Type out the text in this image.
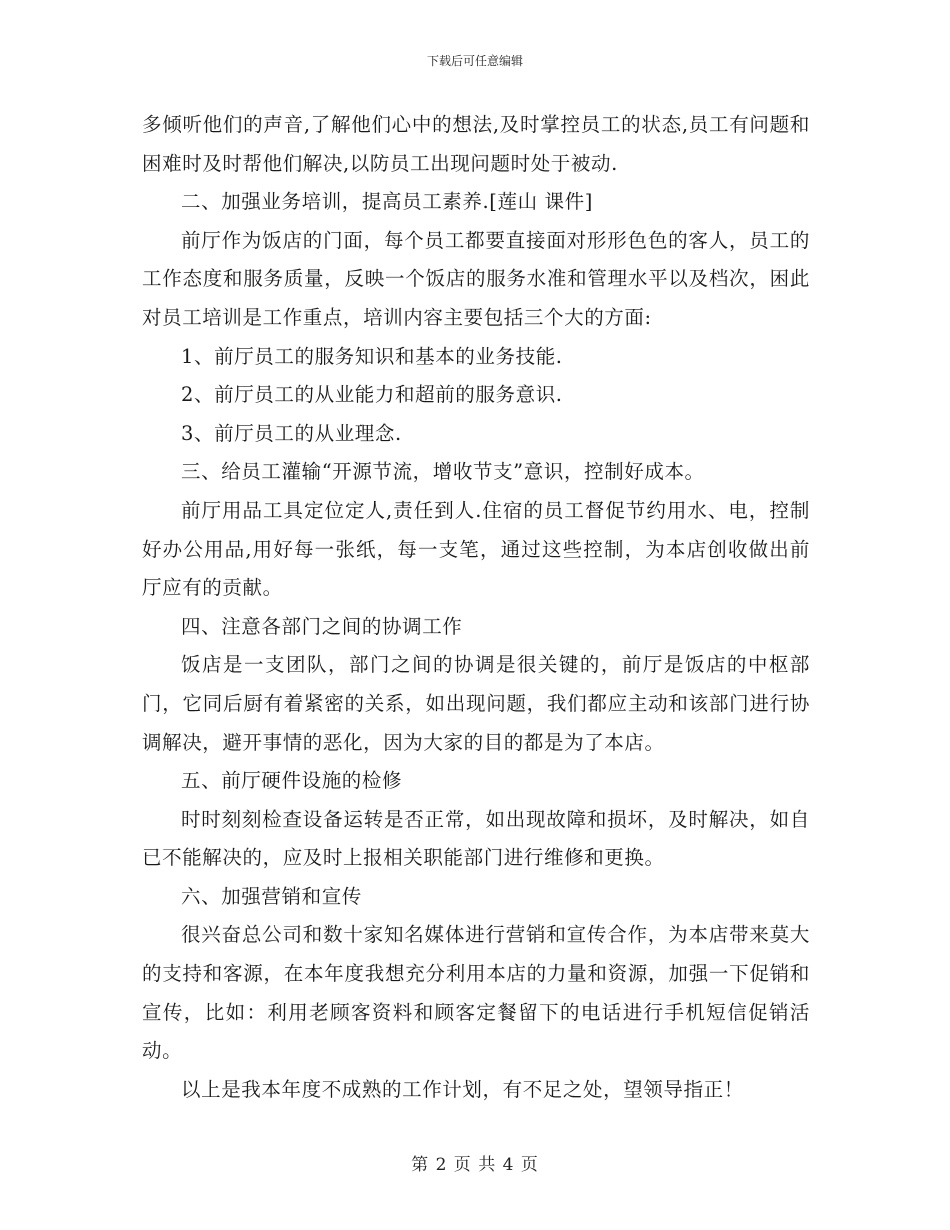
下载后可任意编辑

多倾听他们的声音,了解他们心中的想法,及时掌控员工的状态,员工有问题和困难时及时帮他们解决,以防员工出现问题时处于被动.

二、加强业务培训，提高员工素养.[莲山 课件]

前厅作为饭店的门面，每个员工都要直接面对形形色色的客人，员工的工作态度和服务质量，反映一个饭店的服务水准和管理水平以及档次，困此对员工培训是工作重点，培训内容主要包括三个大的方面:

1、前厅员工的服务知识和基本的业务技能.

2、前厅员工的从业能力和超前的服务意识.

3、前厅员工的从业理念.

三、给员工灌输“开源节流，增收节支”意识，控制好成本。

前厅用品工具定位定人,责任到人.住宿的员工督促节约用水、电，控制好办公用品,用好每一张纸，每一支笔，通过这些控制，为本店创收做出前厅应有的贡献。

四、注意各部门之间的协调工作

饭店是一支团队，部门之间的协调是很关键的，前厅是饭店的中枢部门，它同后厨有着紧密的关系，如出现问题，我们都应主动和该部门进行协调解决，避开事情的恶化，因为大家的目的都是为了本店。

五、前厅硬件设施的检修

时时刻刻检查设备运转是否正常，如出现故障和损坏，及时解决，如自已不能解决的，应及时上报相关职能部门进行维修和更换。

六、加强营销和宣传

很兴奋总公司和数十家知名媒体进行营销和宣传合作，为本店带来莫大的支持和客源，在本年度我想充分利用本店的力量和资源，加强一下促销和宣传，比如：利用老顾客资料和顾客定餐留下的电话进行手机短信促销活动。

以上是我本年度不成熟的工作计划，有不足之处，望领导指正！

第 2 页 共 4 页
